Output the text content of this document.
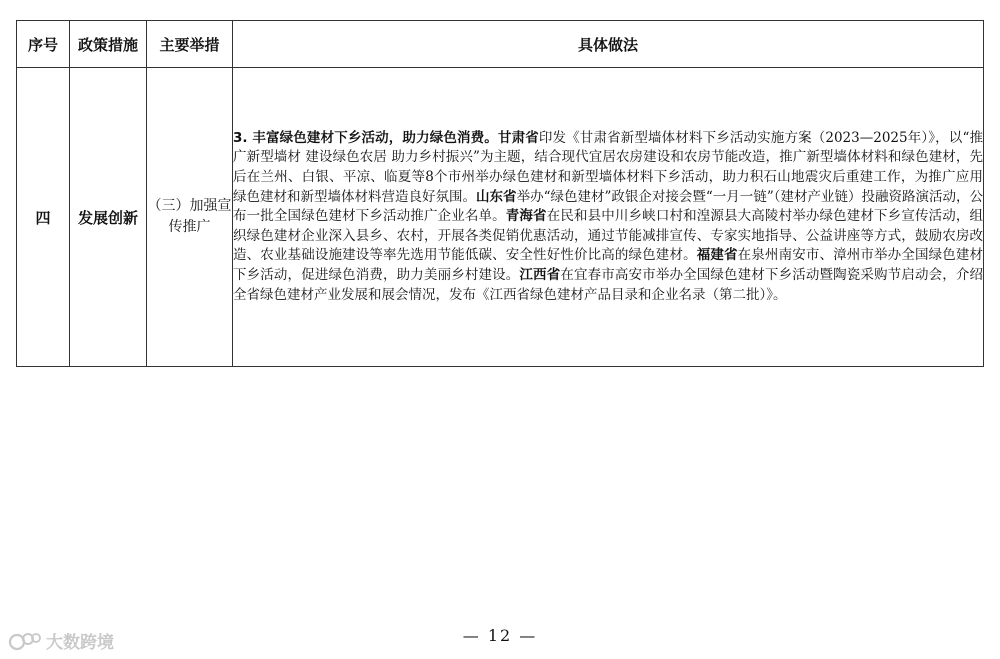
序号	政策措施	主要举措	具体做法
四	发展创新	（三）加强宣传推广	3. 丰富绿色建材下乡活动，助力绿色消费。甘肃省印发《甘肃省新型墙体材料下乡活动实施方案（2023—2025年）》，以“推广新型墙材 建设绿色农居 助力乡村振兴”为主题，结合现代宜居农房建设和农房节能改造，推广新型墙体材料和绿色建材，先后在兰州、白银、平凉、临夏等8个市州举办绿色建材和新型墙体材料下乡活动，助力积石山地震灾后重建工作，为推广应用绿色建材和新型墙体材料营造良好氛围。山东省举办“绿色建材”政银企对接会暨“一月一链”（建材产业链）投融资路演活动，公布一批全国绿色建材下乡活动推广企业名单。青海省在民和县中川乡峡口村和湟源县大高陵村举办绿色建材下乡宣传活动，组织绿色建材企业深入县乡、农村，开展各类促销优惠活动，通过节能减排宣传、专家实地指导、公益讲座等方式，鼓励农房改造、农业基础设施建设等率先选用节能低碳、安全性好性价比高的绿色建材。福建省在泉州南安市、漳州市举办全国绿色建材下乡活动，促进绿色消费，助力美丽乡村建设。江西省在宜春市高安市举办全国绿色建材下乡活动暨陶瓷采购节启动会，介绍全省绿色建材产业发展和展会情况，发布《江西省绿色建材产品目录和企业名录（第二批）》。
— 12 —
大数跨境
